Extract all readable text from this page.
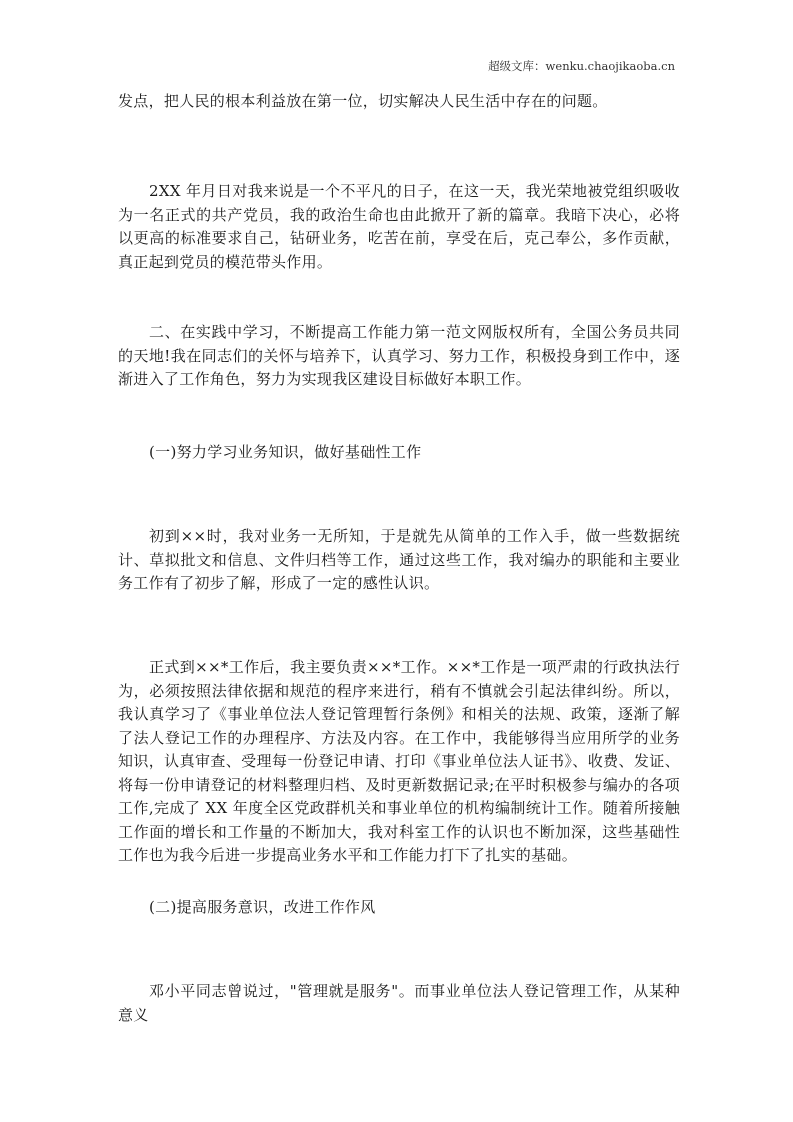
超级文库：wenku.chaojikaoba.cn

发点，把人民的根本利益放在第一位，切实解决人民生活中存在的问题。

2XX 年月日对我来说是一个不平凡的日子，在这一天，我光荣地被党组织吸收为一名正式的共产党员，我的政治生命也由此掀开了新的篇章。我暗下决心，必将以更高的标准要求自己，钻研业务，吃苦在前，享受在后，克己奉公，多作贡献，真正起到党员的模范带头作用。

二、在实践中学习，不断提高工作能力第一范文网版权所有，全国公务员共同的天地!我在同志们的关怀与培养下，认真学习、努力工作，积极投身到工作中，逐渐进入了工作角色，努力为实现我区建设目标做好本职工作。

(一)努力学习业务知识，做好基础性工作

初到××时，我对业务一无所知，于是就先从简单的工作入手，做一些数据统计、草拟批文和信息、文件归档等工作，通过这些工作，我对编办的职能和主要业务工作有了初步了解，形成了一定的感性认识。

正式到××*工作后，我主要负责××*工作。××*工作是一项严肃的行政执法行为，必须按照法律依据和规范的程序来进行，稍有不慎就会引起法律纠纷。所以，我认真学习了《事业单位法人登记管理暂行条例》和相关的法规、政策，逐渐了解了法人登记工作的办理程序、方法及内容。在工作中，我能够得当应用所学的业务知识，认真审查、受理每一份登记申请、打印《事业单位法人证书》、收费、发证、将每一份申请登记的材料整理归档、及时更新数据记录;在平时积极参与编办的各项工作,完成了 XX 年度全区党政群机关和事业单位的机构编制统计工作。随着所接触工作面的增长和工作量的不断加大，我对科室工作的认识也不断加深，这些基础性工作也为我今后进一步提高业务水平和工作能力打下了扎实的基础。

(二)提高服务意识，改进工作作风

邓小平同志曾说过，"管理就是服务"。而事业单位法人登记管理工作，从某种意义
